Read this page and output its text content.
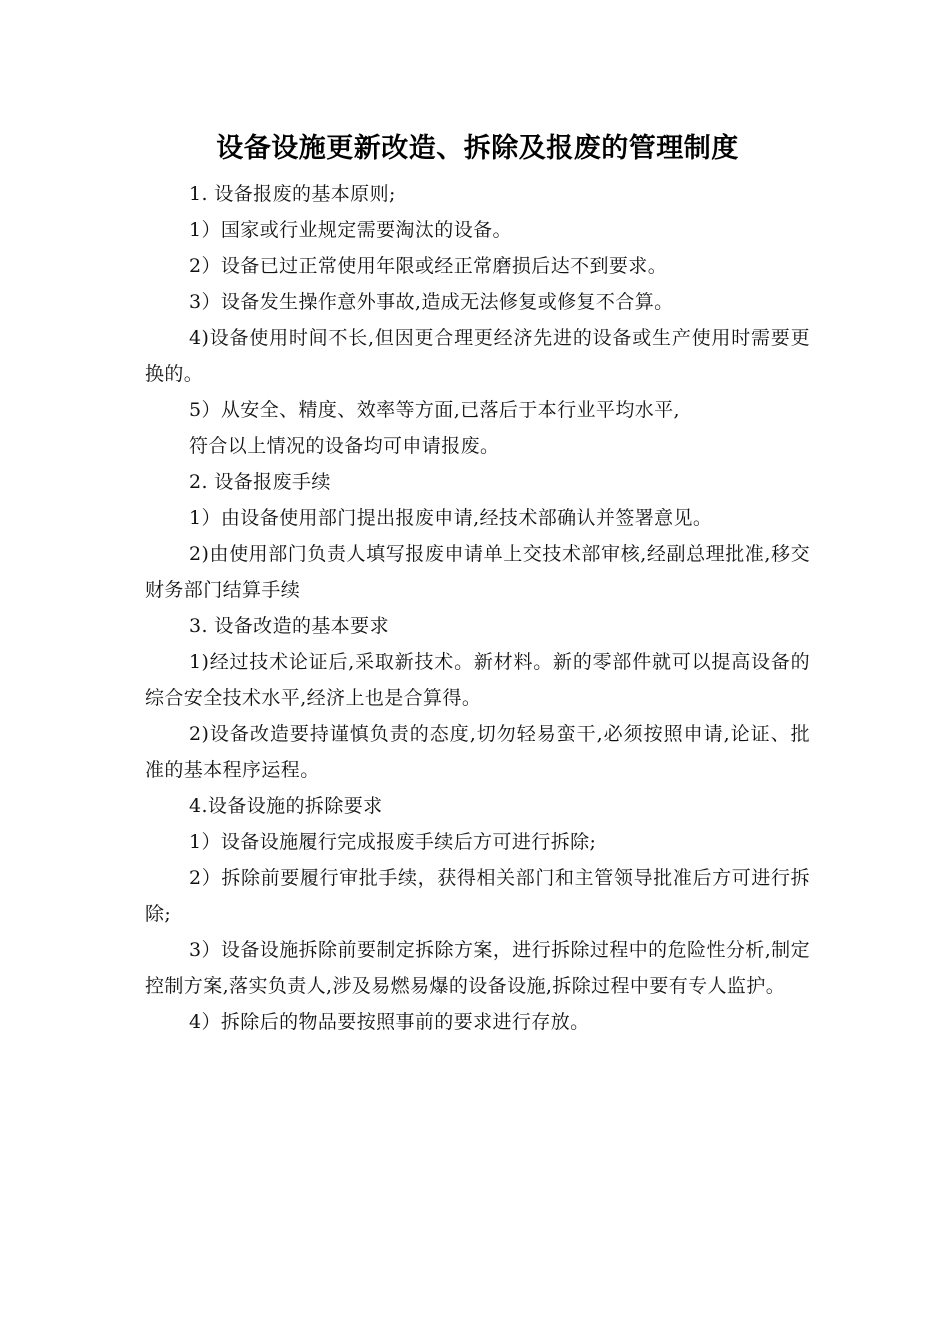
设备设施更新改造、拆除及报废的管理制度

1. 设备报废的基本原则;

1）国家或行业规定需要淘汰的设备。

2）设备已过正常使用年限或经正常磨损后达不到要求。

3）设备发生操作意外事故,造成无法修复或修复不合算。

4)设备使用时间不长,但因更合理更经济先进的设备或生产使用时需要更换的。

5）从安全、精度、效率等方面,已落后于本行业平均水平,

符合以上情况的设备均可申请报废。

2. 设备报废手续

1）由设备使用部门提出报废申请,经技术部确认并签署意见。

2)由使用部门负责人填写报废申请单上交技术部审核,经副总理批准,移交财务部门结算手续

3. 设备改造的基本要求

1)经过技术论证后,采取新技术。新材料。新的零部件就可以提高设备的综合安全技术水平,经济上也是合算得。

2)设备改造要持谨慎负责的态度,切勿轻易蛮干,必须按照申请,论证、批准的基本程序运程。

4.设备设施的拆除要求

1）设备设施履行完成报废手续后方可进行拆除;

2）拆除前要履行审批手续，获得相关部门和主管领导批准后方可进行拆除;

3）设备设施拆除前要制定拆除方案，进行拆除过程中的危险性分析,制定控制方案,落实负责人,涉及易燃易爆的设备设施,拆除过程中要有专人监护。

4）拆除后的物品要按照事前的要求进行存放。
